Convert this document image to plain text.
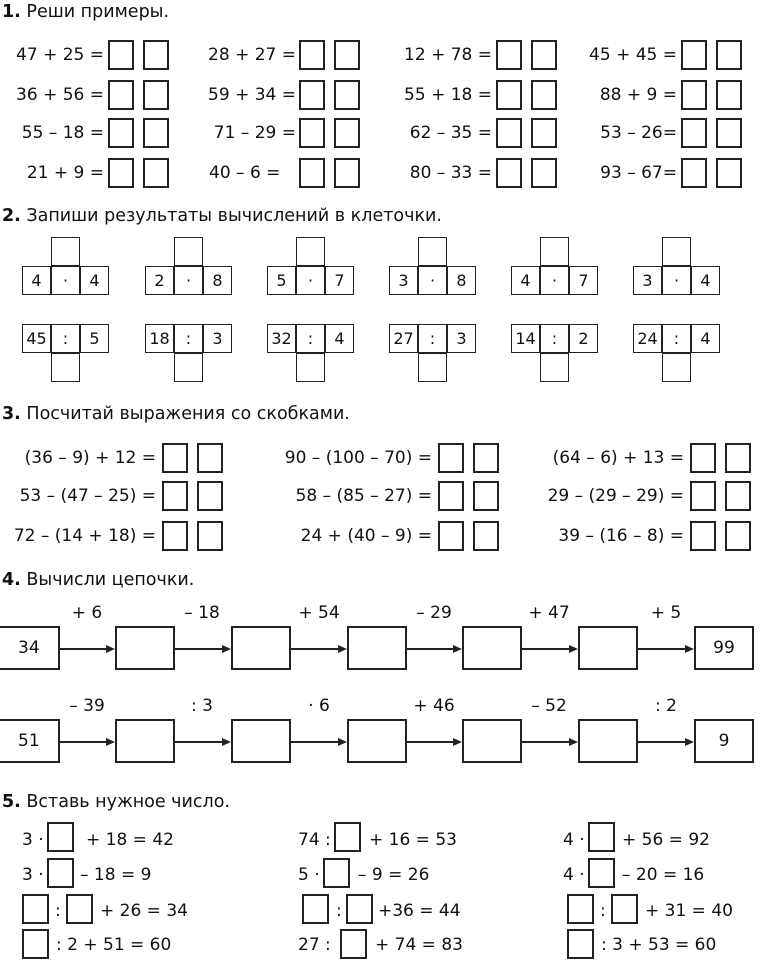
1. Реши примеры.
47 + 25 =
36 + 56 =
55 – 18 =
21 + 9 =
28 + 27 =
59 + 34 =
71 – 29 =
40 – 6 =
12 + 78 =
55 + 18 =
62 – 35 =
80 – 33 =
45 + 45 =
88 + 9 =
53 – 26=
93 – 67=
2. Запиши результаты вычислений в клеточки.
4	·	4	2	·	8	5	·	7	3	·	8	4	·	7	3	·	4
45	:	5	18	:	3	32	:	4	27	:	3	14	:	2	24	:	4
3. Посчитай выражения со скобками.
(36 – 9) + 12 =
53 – (47 – 25) =
72 – (14 + 18) =
90 – (100 – 70) =
58 – (85 – 27) =
24 + (40 – 9) =
(64 – 6) + 13 =
29 – (29 – 29) =
39 – (16 – 8) =
4. Вычисли цепочки.
34	99
+ 6	– 18	+ 54	– 29	+ 47	+ 5
51	9
– 39	: 3	· 6	+ 46	– 52	: 2
5. Вставь нужное число.
3 · + 18 = 42
3 · – 18 = 9
: + 26 = 34
: 2 + 51 = 60
74 : + 16 = 53
5 · – 9 = 26
: +36 = 44
27 :	+ 74 = 83
4 · + 56 = 92
4 · – 20 = 16
: + 31 = 40
: 3 + 53 = 60
